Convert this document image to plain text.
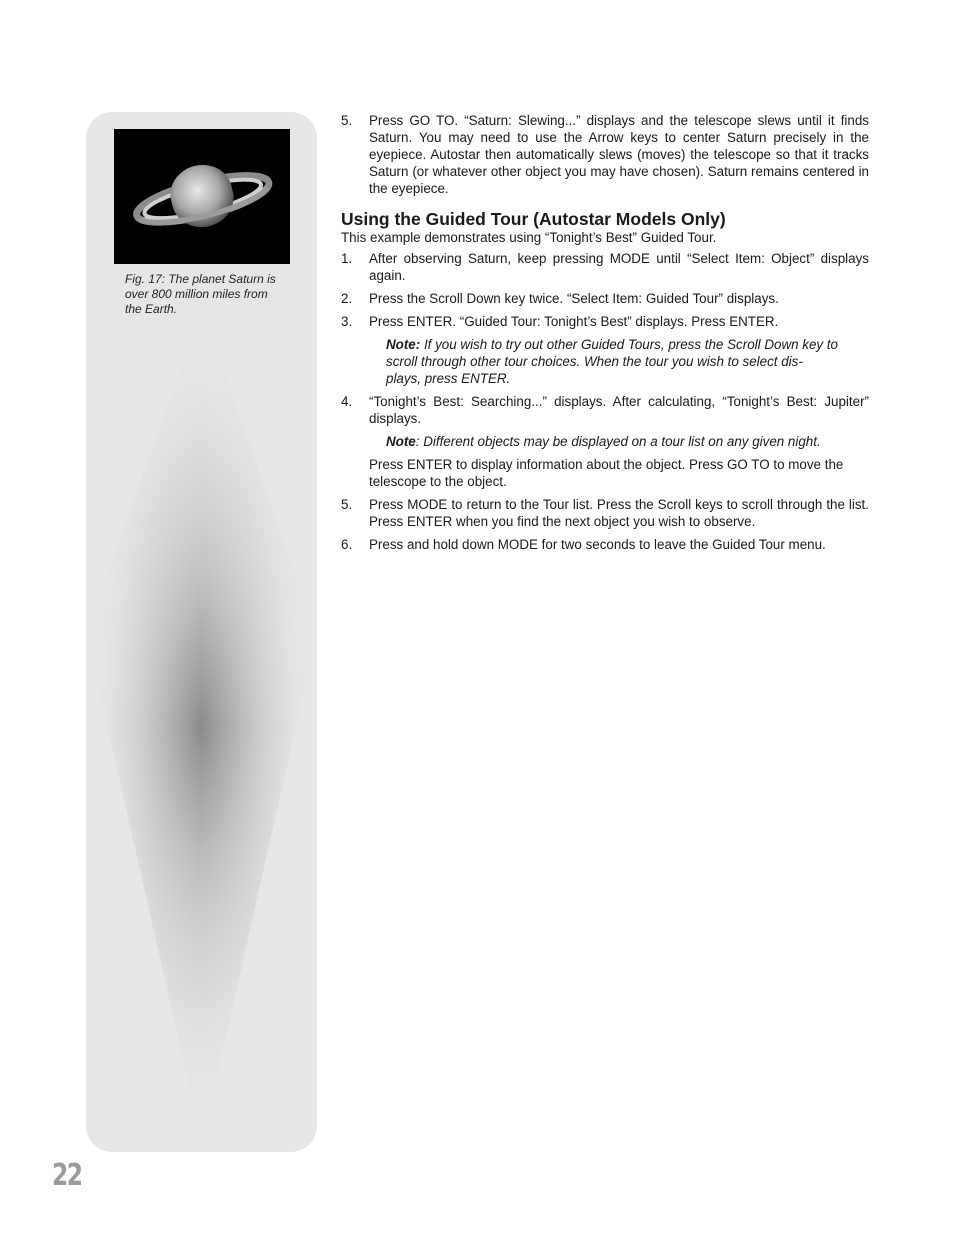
Fig. 17: The planet Saturn is over 800 million miles from the Earth.
5. Press GO TO. “Saturn: Slewing...” displays and the telescope slews until it finds Saturn. You may need to use the Arrow keys to center Saturn precisely in the eyepiece. Autostar then automatically slews (moves) the telescope so that it tracks Saturn (or whatever other object you may have chosen). Saturn remains centered in the eyepiece.

Using the Guided Tour (Autostar Models Only)

This example demonstrates using “Tonight’s Best” Guided Tour.

1. After observing Saturn, keep pressing MODE until “Select Item: Object” displays again.

2. Press the Scroll Down key twice. “Select Item: Guided Tour” displays.

3. Press ENTER. “Guided Tour: Tonight’s Best” displays. Press ENTER.

Note: If you wish to try out other Guided Tours, press the Scroll Down key to scroll through other tour choices. When the tour you wish to select dis- plays, press ENTER.
4. “Tonight’s Best: Searching...” displays. After calculating, “Tonight’s Best: Jupiter” displays.

Note: Different objects may be displayed on a tour list on any given night.
Press ENTER to display information about the object. Press GO TO to move the telescope to the object.
5. Press MODE to return to the Tour list. Press the Scroll keys to scroll through the list. Press ENTER when you find the next object you wish to observe.

6. Press and hold down MODE for two seconds to leave the Guided Tour menu.

22
